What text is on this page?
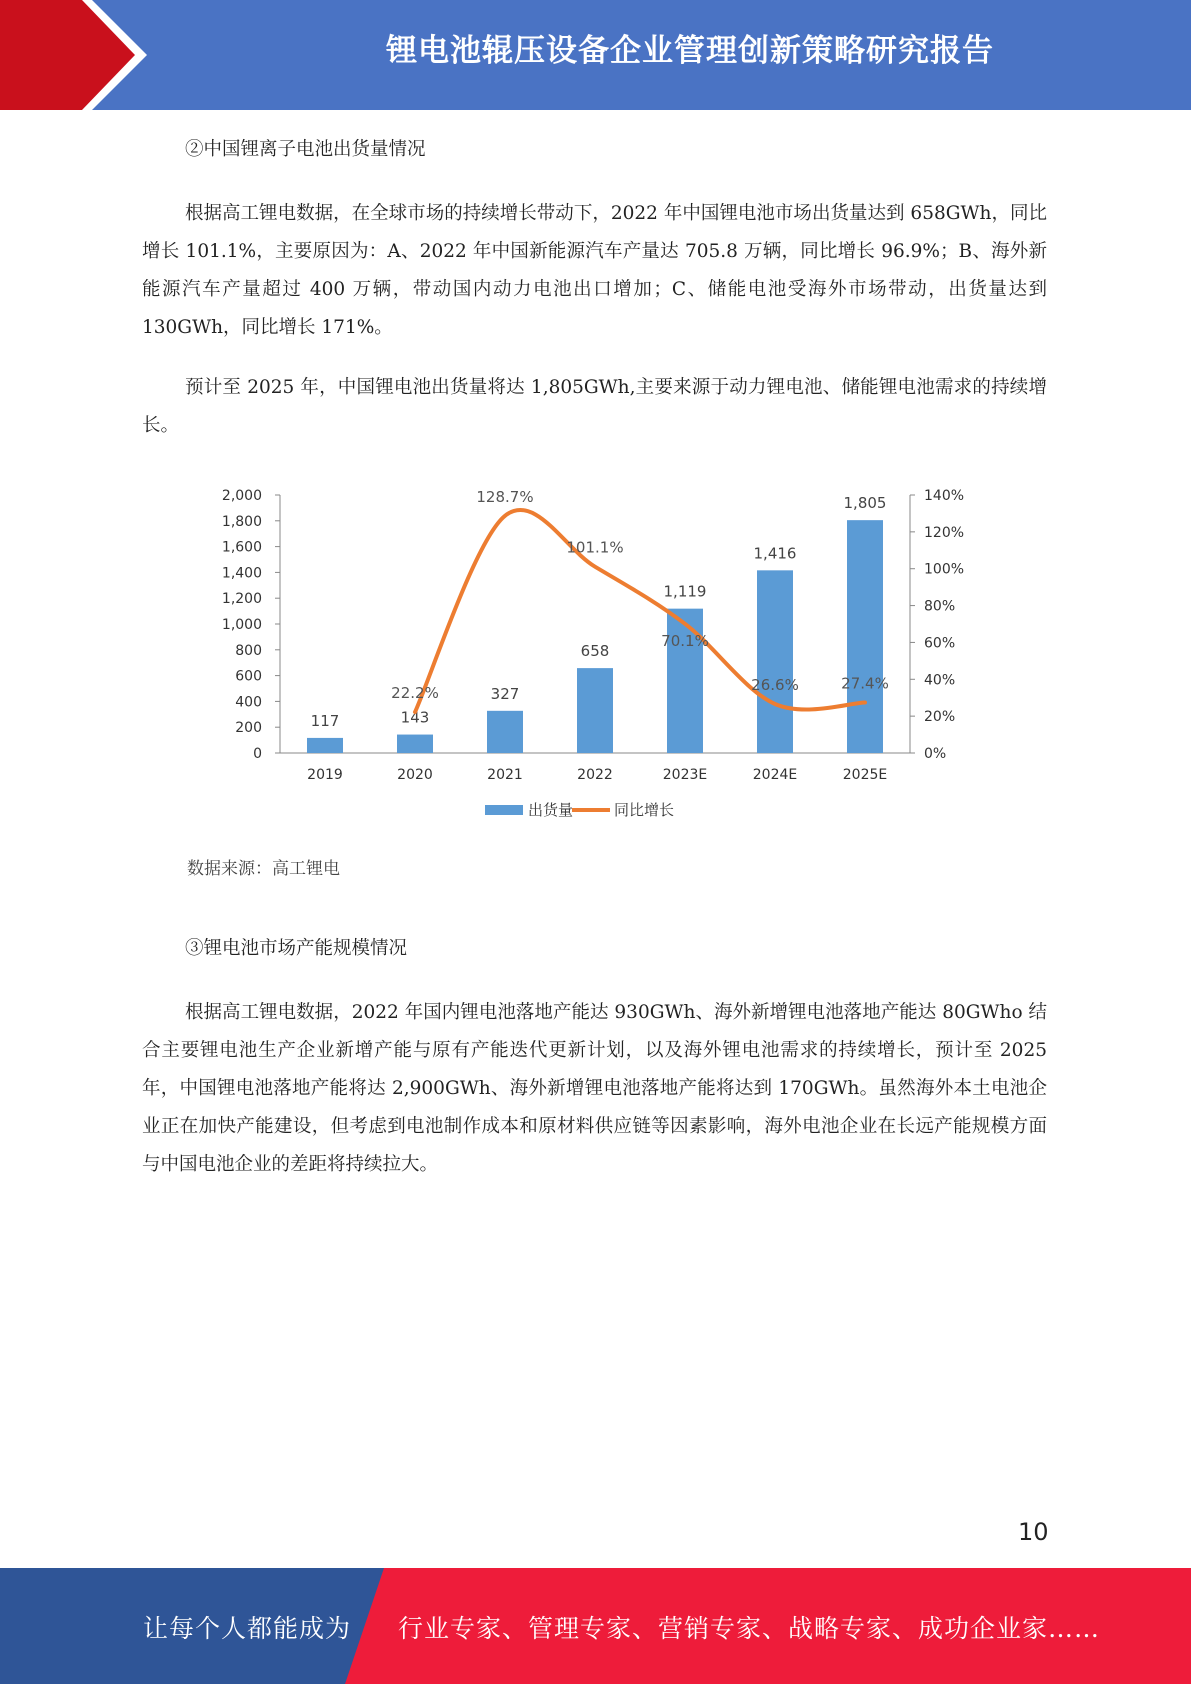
锂电池辊压设备企业管理创新策略研究报告
②中国锂离子电池出货量情况
根据高工锂电数据，在全球市场的持续增长带动下，2022 年中国锂电池市场出货量达到 658GWh，同比增长 101.1%，主要原因为：A、2022 年中国新能源汽车产量达 705.8 万辆，同比增长 96.9%；B、海外新能源汽车产量超过 400 万辆，带动国内动力电池出口增加；C、储能电池受海外市场带动，出货量达到 130GWh，同比增长 171%。
预计至 2025 年，中国锂电池出货量将达 1,805GWh,主要来源于动力锂电池、储能锂电池需求的持续增长。
0
200
400
600
800
1,000
1,200
1,400
1,600
1,800
2,000
0%
20%
40%
60%
80%
100%
120%
140%
117
2019
143
2020
327
2021
658
2022
1,119
2023E
1,416
2024E
1,805
2025E
22.2%
128.7%
101.1%
70.1%
26.6%	27.4%
出货量	同比增长
数据来源：高工锂电
③锂电池市场产能规模情况
根据高工锂电数据，2022 年国内锂电池落地产能达 930GWh、海外新增锂电池落地产能达 80GWho 结合主要锂电池生产企业新增产能与原有产能迭代更新计划，以及海外锂电池需求的持续增长，预计至 2025 年，中国锂电池落地产能将达 2,900GWh、海外新增锂电池落地产能将达到 170GWh。虽然海外本土电池企业正在加快产能建设，但考虑到电池制作成本和原材料供应链等因素影响，海外电池企业在长远产能规模方面与中国电池企业的差距将持续拉大。
10
让每个人都能成为 行业专家、管理专家、营销专家、战略专家、成功企业家……
